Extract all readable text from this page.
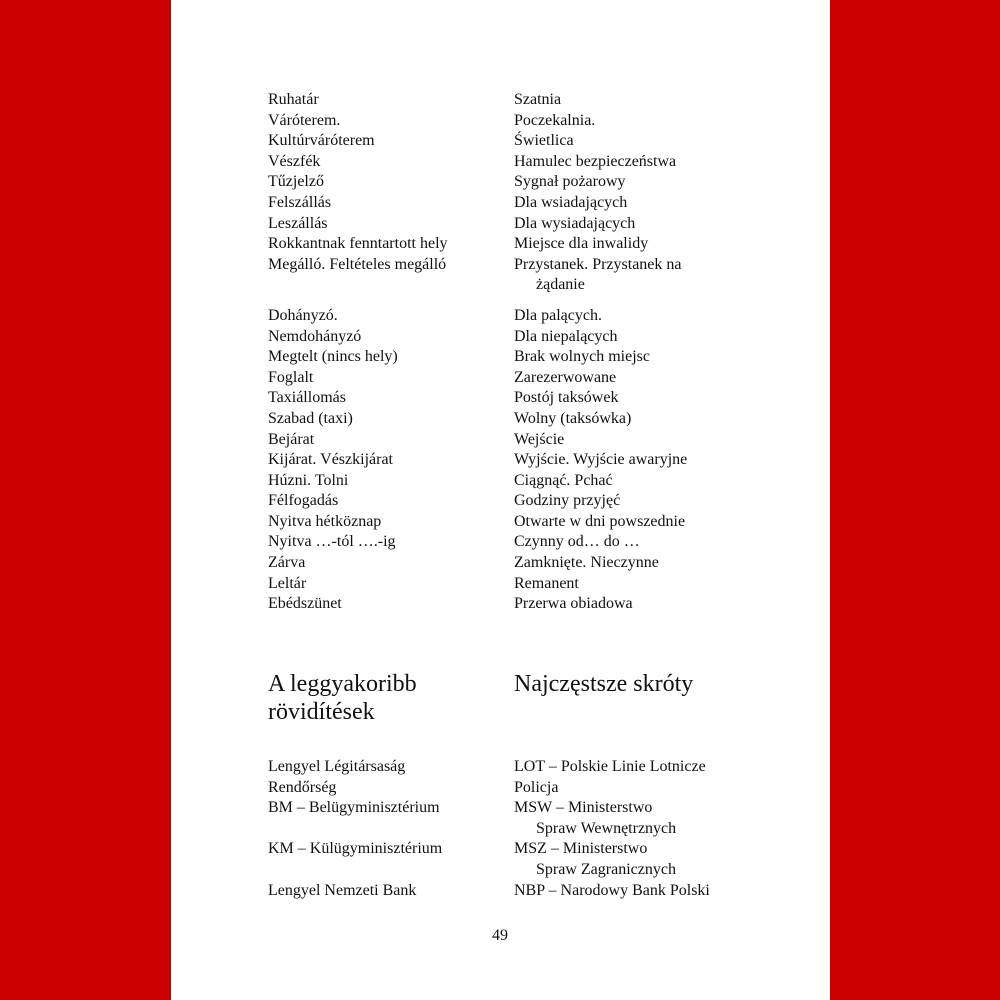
Ruhatár
Váróterem.
Kultúrváróterem
Vészfék
Tűzjelző
Felszállás
Leszállás
Rokkantnak fenntartott hely
Megálló. Feltételes megálló
Dohányzó.
Nemdohányzó
Megtelt (nincs hely)
Foglalt
Taxiállomás
Szabad (taxi)
Bejárat
Kijárat. Vészkijárat
Húzni. Tolni
Félfogadás
Nyitva hétköznap
Nyitva …-tól ….-ig
Zárva
Leltár
Ebédszünet
Szatnia
Poczekalnia.
Świetlica
Hamulec bezpieczeństwa
Sygnał pożarowy
Dla wsiadających
Dla wysiadających
Miejsce dla inwalidy
Przystanek. Przystanek na
żądanie
Dla palących.
Dla niepalących
Brak wolnych miejsc
Zarezerwowane
Postój taksówek
Wolny (taksówka)
Wejście
Wyjście. Wyjście awaryjne
Ciągnąć. Pchać
Godziny przyjęć
Otwarte w dni powszednie
Czynny od… do …
Zamknięte. Nieczynne
Remanent
Przerwa obiadowa
A leggyakoribb
rövidítések
Najczęstsze skróty
Lengyel Légitársaság
Rendőrség
BM – Belügyminisztérium
KM – Külügyminisztérium
Lengyel Nemzeti Bank
LOT – Polskie Linie Lotnicze
Policja
MSW – Ministerstwo
Spraw Wewnętrznych
MSZ – Ministerstwo
Spraw Zagranicznych
NBP – Narodowy Bank Polski
49
